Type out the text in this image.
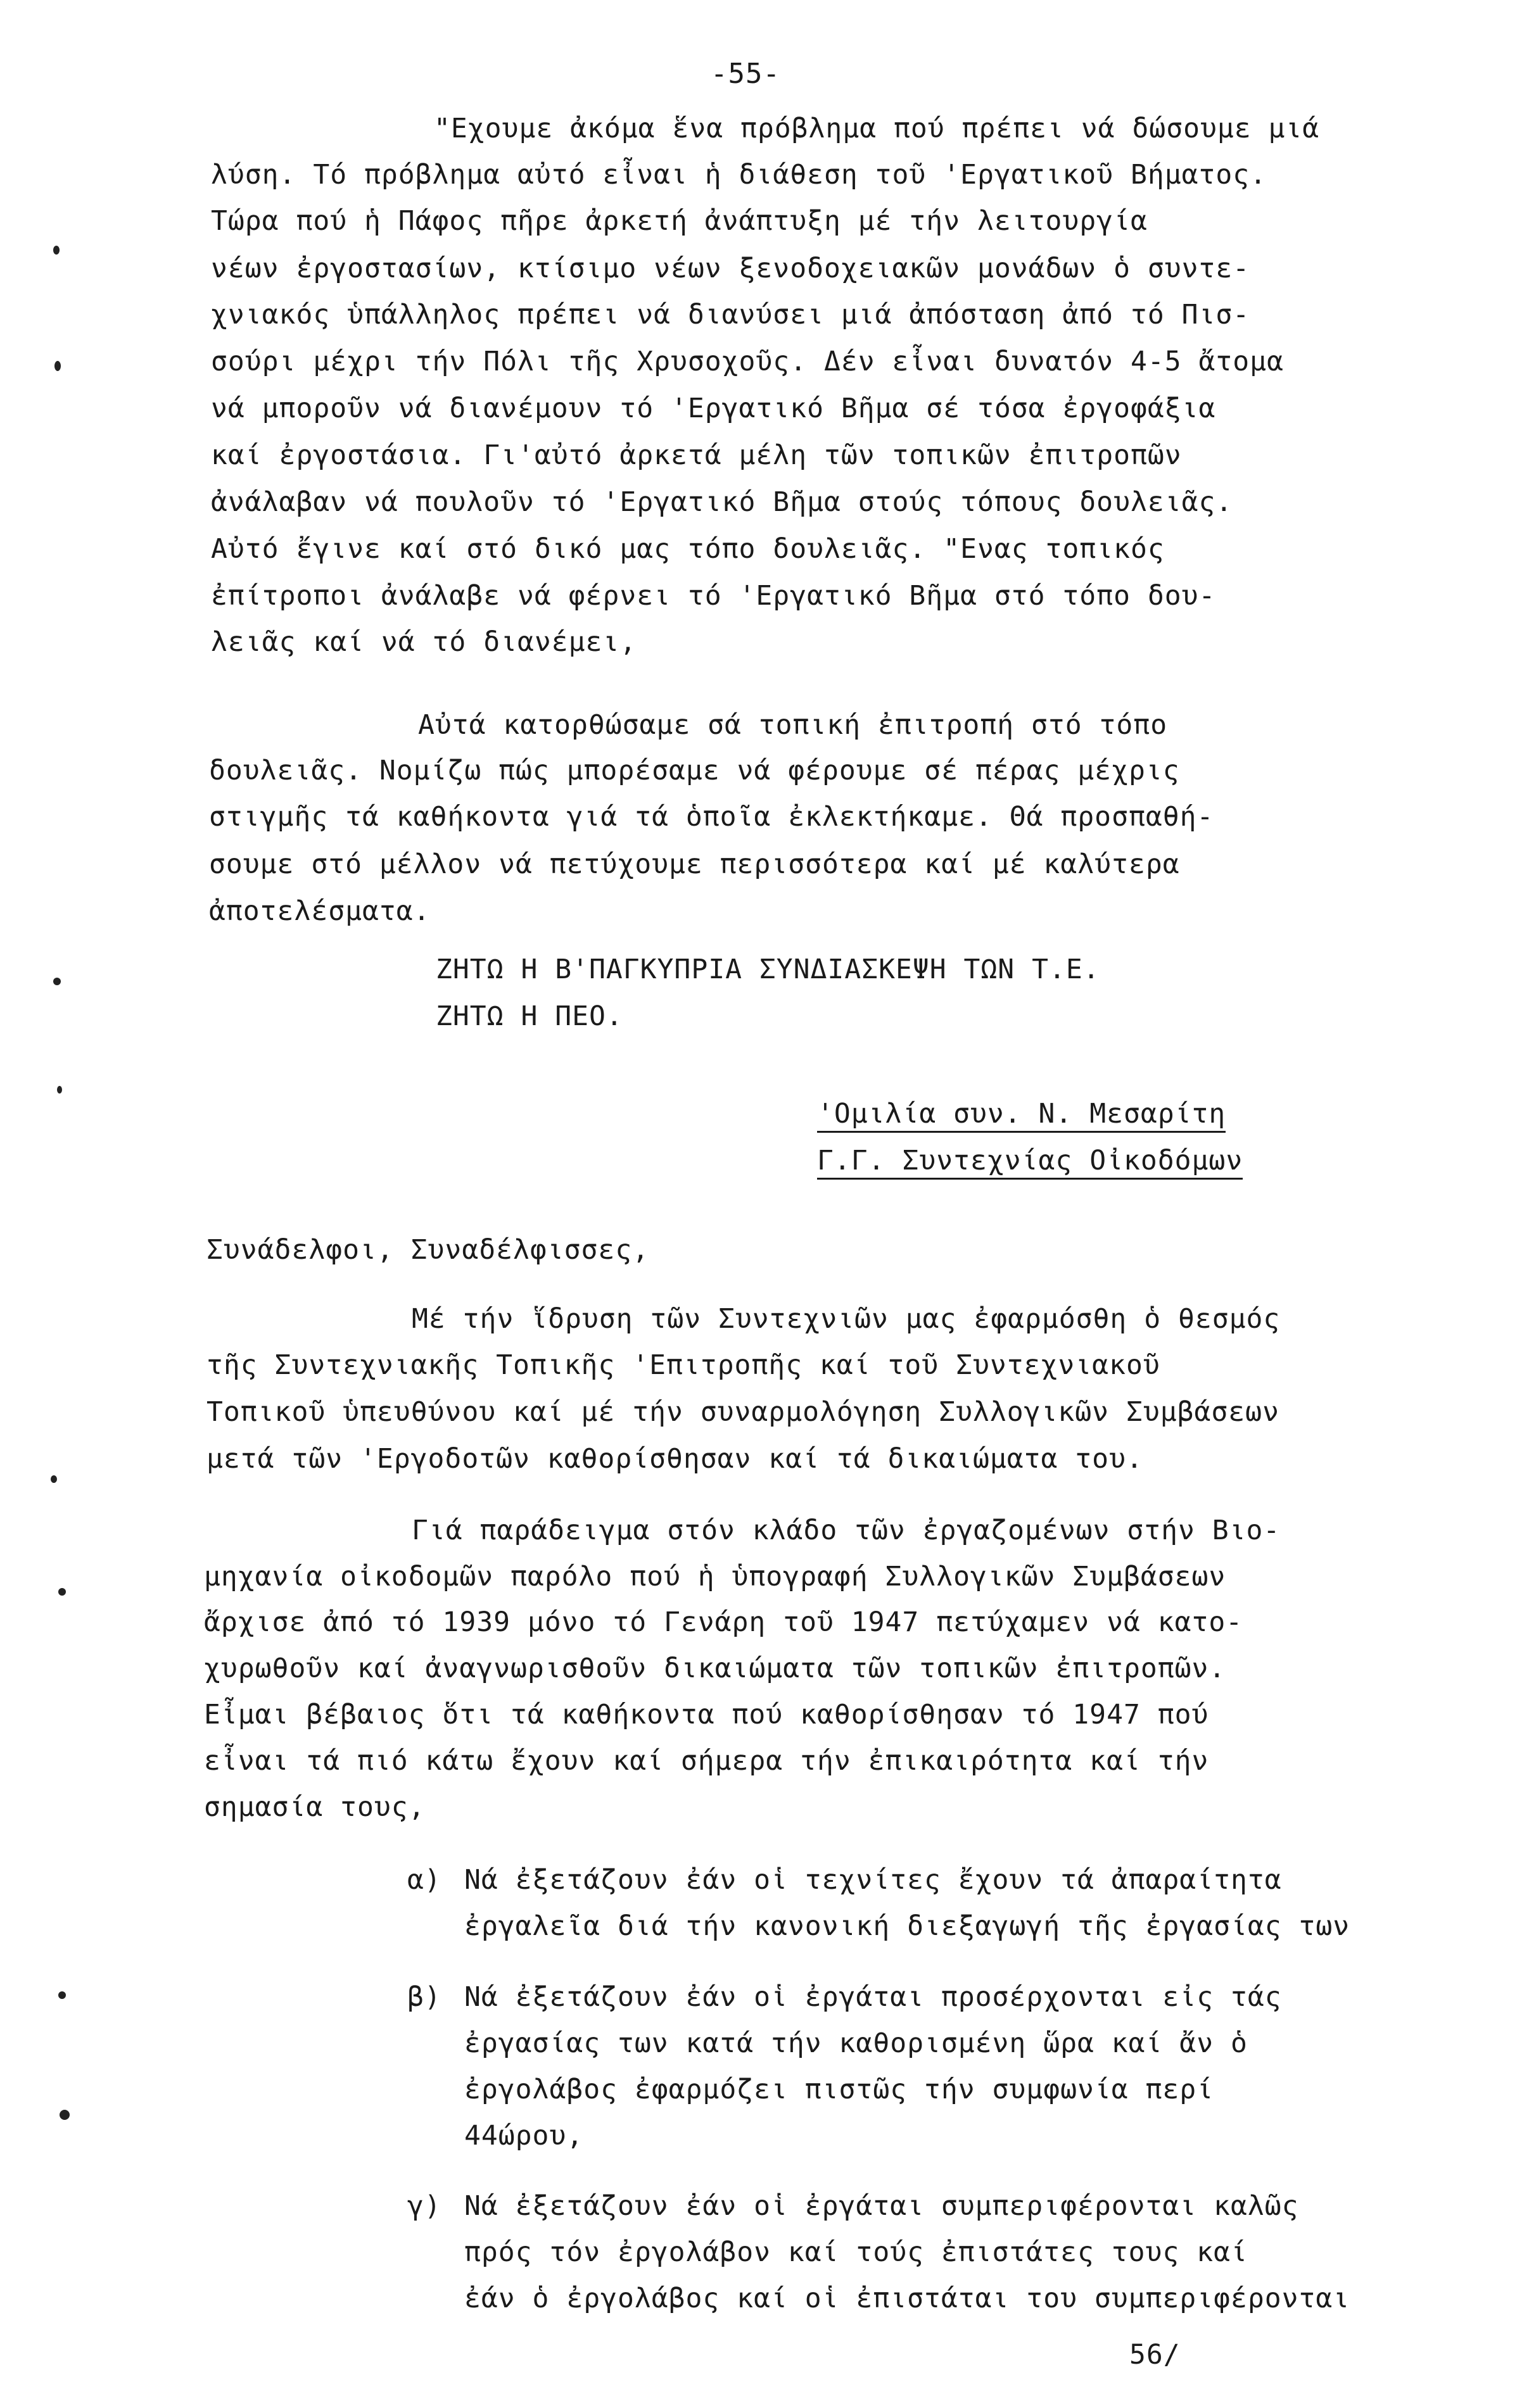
-55-
"Εχουμε ἀκόμα ἕνα πρόβλημα πού πρέπει νά δώσουμε μιά
λύση. Τό πρόβλημα αὐτό εἶναι ἡ διάθεση τοῦ 'Εργατικοῦ Βήματος.
Τώρα πού ἡ Πάφος πῆρε ἀρκετή ἀνάπτυξη μέ τήν λειτουργία
νέων ἐργοστασίων, κτίσιμο νέων ξενοδοχειακῶν μονάδων ὁ συντε-
χνιακός ὑπάλληλος πρέπει νά διανύσει μιά ἀπόσταση ἀπό τό Πισ-
σούρι μέχρι τήν Πόλι τῆς Χρυσοχοῦς. Δέν εἶναι δυνατόν 4-5 ἄτομα
νά μποροῦν νά διανέμουν τό 'Εργατικό Βῆμα σέ τόσα ἐργοφάξια
καί ἐργοστάσια. Γι'αὐτό ἀρκετά μέλη τῶν τοπικῶν ἐπιτροπῶν
ἀνάλαβαν νά πουλοῦν τό 'Εργατικό Βῆμα στούς τόπους δουλειᾶς.
Αὐτό ἔγινε καί στό δικό μας τόπο δουλειᾶς. "Ενας τοπικός
ἐπίτροποι ἀνάλαβε νά φέρνει τό 'Εργατικό Βῆμα στό τόπο δου-
λειᾶς καί νά τό διανέμει,
Αὐτά κατορθώσαμε σά τοπική ἐπιτροπή στό τόπο
δουλειᾶς. Νομίζω πώς μπορέσαμε νά φέρουμε σέ πέρας μέχρις
στιγμῆς τά καθήκοντα γιά τά ὁποῖα ἐκλεκτήκαμε. Θά προσπαθή-
σουμε στό μέλλον νά πετύχουμε περισσότερα καί μέ καλύτερα
ἀποτελέσματα.
ΖΗΤΩ Η Β'ΠΑΓΚΥΠΡΙΑ ΣΥΝΔΙΑΣΚΕΨΗ ΤΩΝ Τ.Ε.
ΖΗΤΩ Η ΠΕΟ.
'Ομιλία συν. Ν. Μεσαρίτη
Γ.Γ. Συντεχνίας Οἰκοδόμων
Συνάδελφοι, Συναδέλφισσες,
Μέ τήν ἵδρυση τῶν Συντεχνιῶν μας ἐφαρμόσθη ὁ θεσμός
τῆς Συντεχνιακῆς Τοπικῆς 'Επιτροπῆς καί τοῦ Συντεχνιακοῦ
Τοπικοῦ ὑπευθύνου καί μέ τήν συναρμολόγηση Συλλογικῶν Συμβάσεων
μετά τῶν 'Εργοδοτῶν καθορίσθησαν καί τά δικαιώματα του.
Γιά παράδειγμα στόν κλάδο τῶν ἐργαζομένων στήν Βιο-
μηχανία οἰκοδομῶν παρόλο πού ἡ ὑπογραφή Συλλογικῶν Συμβάσεων
ἄρχισε ἀπό τό 1939 μόνο τό Γενάρη τοῦ 1947 πετύχαμεν νά κατο-
χυρωθοῦν καί ἀναγνωρισθοῦν δικαιώματα τῶν τοπικῶν ἐπιτροπῶν.
Εἶμαι βέβαιος ὅτι τά καθήκοντα πού καθορίσθησαν τό 1947 πού
εἶναι τά πιό κάτω ἔχουν καί σήμερα τήν ἐπικαιρότητα καί τήν
σημασία τους,
α) Νά ἐξετάζουν ἐάν οἱ τεχνίτες ἔχουν τά ἀπαραίτητα
ἐργαλεῖα διά τήν κανονική διεξαγωγή τῆς ἐργασίας των
β) Νά ἐξετάζουν ἐάν οἱ ἐργάται προσέρχονται εἰς τάς
ἐργασίας των κατά τήν καθορισμένη ὥρα καί ἄν ὁ
ἐργολάβος ἐφαρμόζει πιστῶς τήν συμφωνία περί
44ώρου,
γ) Νά ἐξετάζουν ἐάν οἱ ἐργάται συμπεριφέρονται καλῶς
πρός τόν ἐργολάβον καί τούς ἐπιστάτες τους καί
ἐάν ὁ ἐργολάβος καί οἱ ἐπιστάται του συμπεριφέρονται
56/
